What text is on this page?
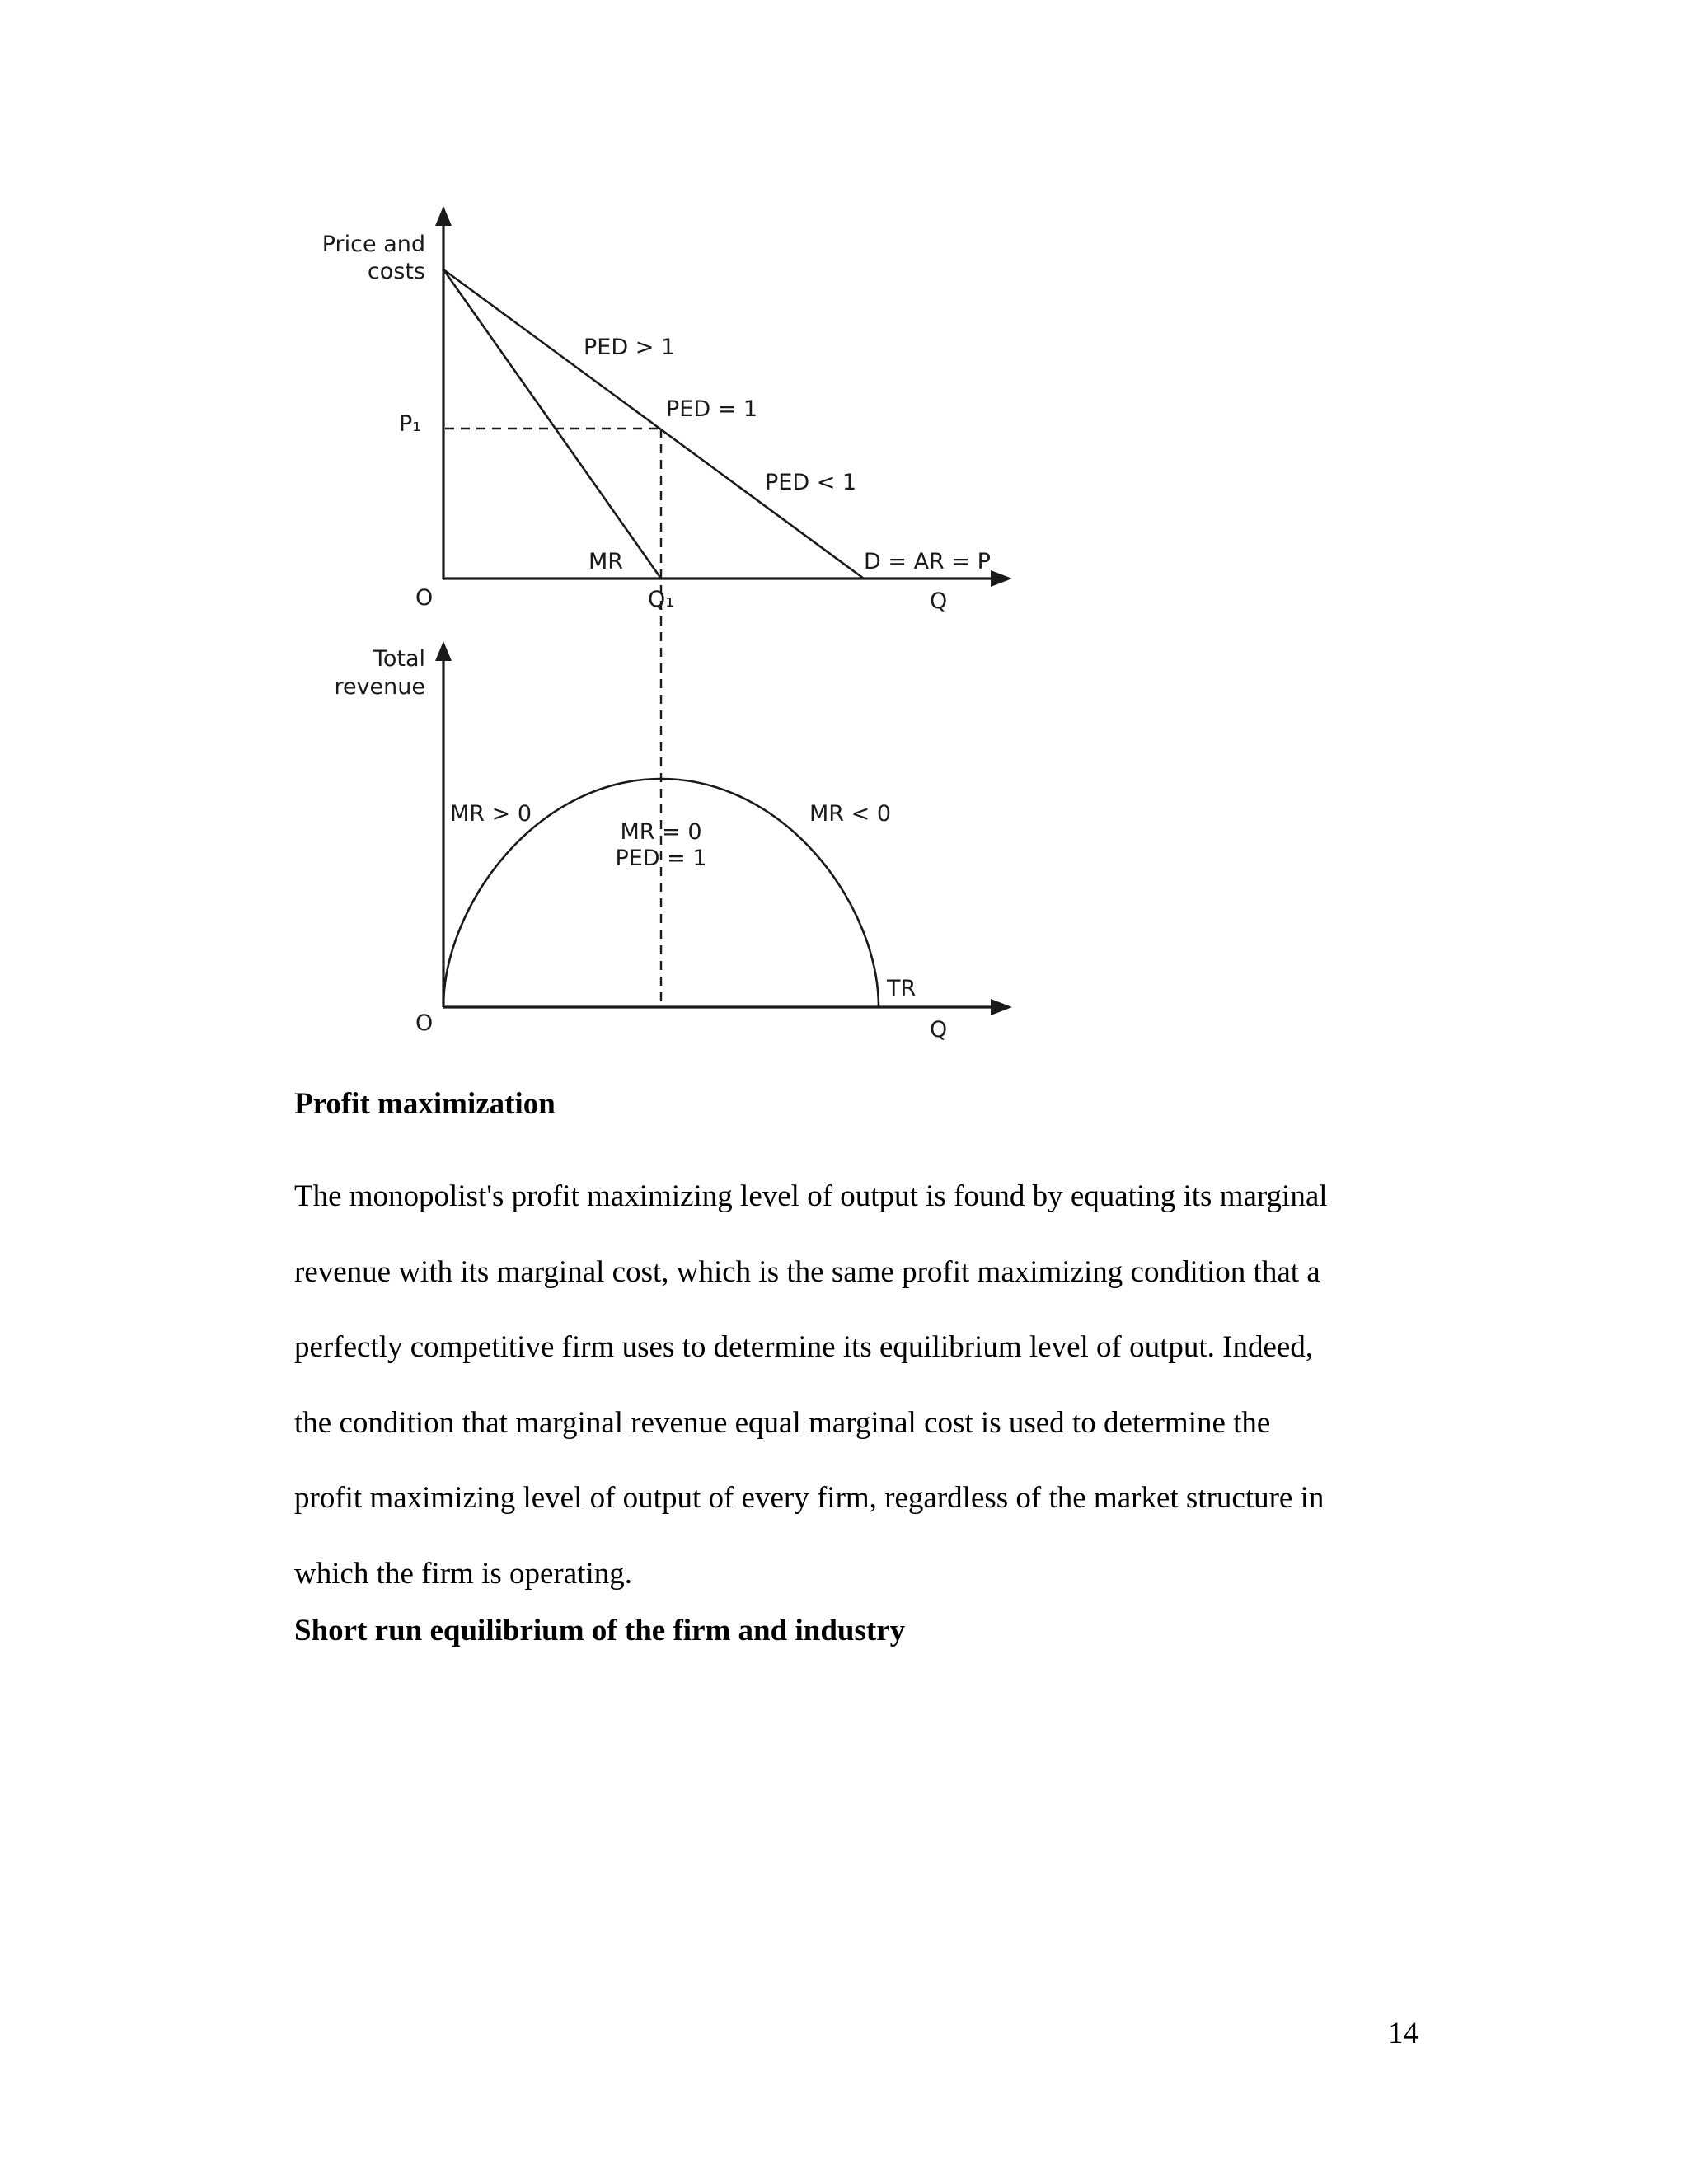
Price and
costs
P₁
PED > 1
PED = 1
PED < 1
MR	D = AR = P
O	Q₁	Q
Total
revenue
MR > 0	MR < 0
MR = 0
PED = 1
TR
O	Q
Profit maximization

The monopolist's profit maximizing level of output is found by equating its marginal
revenue with its marginal cost, which is the same profit maximizing condition that a
perfectly competitive firm uses to determine its equilibrium level of output. Indeed,
the condition that marginal revenue equal marginal cost is used to determine the
profit maximizing level of output of every firm, regardless of the market structure in
which the firm is operating.

Short run equilibrium of the firm and industry
14
